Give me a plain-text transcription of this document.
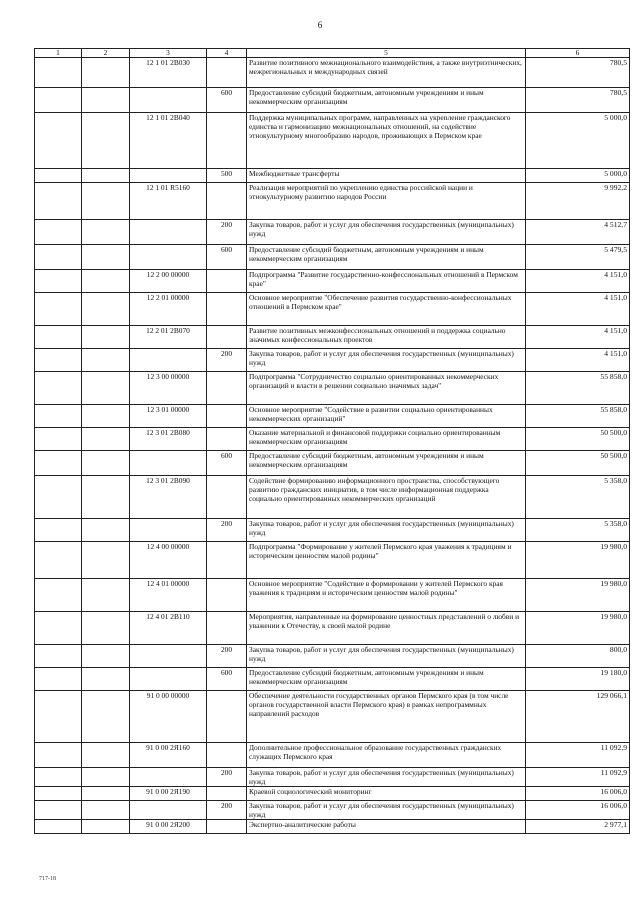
6
1	2	3	4	5	6
		12 1 01 2В030		Развитие позитивного межнационального взаимодействия, а также внутриэтнических, межрегиональных и международных связей	780,5
			600	Предоставление субсидий бюджетным, автономным учреждениям и иным некоммерческим организациям	780,5
		12 1 01 2В040		Поддержка муниципальных программ, направленных на укрепление гражданского единства и гармонизацию межнациональных отношений, на содействие этнокультурному многообразию народов, проживающих в Пермском крае	5 000,0
			500	Межбюджетные трансферты	5 000,0
		12 1 01 R5160		Реализация мероприятий по укреплению единства российской нации и этнокультурному развитию народов России	9 992,2
			200	Закупка товаров, работ и услуг для обеспечения государственных (муниципальных) нужд	4 512,7
			600	Предоставление субсидий бюджетным, автономным учреждениям и иным некоммерческим организациям	5 479,5
		12 2 00 00000		Подпрограмма "Развитие государственно-конфессиональных отношений в Пермском крае"	4 151,0
		12 2 01 00000		Основное мероприятие "Обеспечение развития государственно-конфессиональных отношений в Пермском крае"	4 151,0
		12 2 01 2В070		Развитие позитивных межконфессиональных отношений и поддержка социально значимых конфессиональных проектов	4 151,0
			200	Закупка товаров, работ и услуг для обеспечения государственных (муниципальных) нужд	4 151,0
		12 3 00 00000		Подпрограмма "Сотрудничество социально ориентированных некоммерческих организаций и власти в решении социально значимых задач"	55 858,0
		12 3 01 00000		Основное мероприятие "Содействие в развитии социально ориентированных некоммерческих организаций"	55 858,0
		12 3 01 2В080		Оказание материальной и финансовой поддержки социально ориентированным некоммерческим организациям	50 500,0
			600	Предоставление субсидий бюджетным, автономным учреждениям и иным некоммерческим организациям	50 500,0
		12 3 01 2В090		Содействие формированию информационного пространства, способствующего развитию гражданских инициатив, в том числе информационная поддержка социально ориентированных некоммерческих организаций	5 358,0
			200	Закупка товаров, работ и услуг для обеспечения государственных (муниципальных) нужд	5 358,0
		12 4 00 00000		Подпрограмма "Формирование у жителей Пермского края уважения к традициям и историческим ценностям малой родины"	19 980,0
		12 4 01 00000		Основное мероприятие "Содействие в формировании у жителей Пермского края уважения к традициям и историческим ценностям малой родины"	19 980,0
		12 4 01 2В110		Мероприятия, направленные на формирование ценностных представлений о любви и уважении к Отечеству, к своей малой родине	19 980,0
			200	Закупка товаров, работ и услуг для обеспечения государственных (муниципальных) нужд	800,0
			600	Предоставление субсидий бюджетным, автономным учреждениям и иным некоммерческим организациям	19 180,0
		91 0 00 00000		Обеспечение деятельности государственных органов Пермского края (в том числе органов государственной власти Пермского края) в рамках непрограммных направлений расходов	129 066,1
		91 0 00 2Я160		Дополнительное профессиональное образование государственных гражданских служащих Пермского края	11 092,9
			200	Закупка товаров, работ и услуг для обеспечения государственных (муниципальных) нужд	11 092,9
		91 0 00 2Я190		Краевой социологический мониторинг	16 006,0
			200	Закупка товаров, работ и услуг для обеспечения государственных (муниципальных) нужд	16 006,0
		91 0 00 2Я200		Экспертно-аналитические работы	2 977,1
717-18
